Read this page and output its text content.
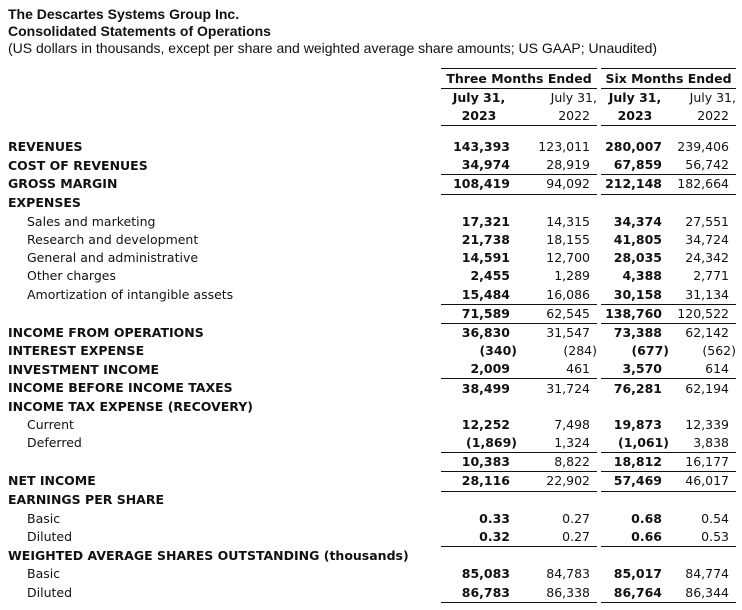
The Descartes Systems Group Inc.
Consolidated Statements of Operations
(US dollars in thousands, except per share and weighted average share amounts; US GAAP; Unaudited)
	Three Months Ended			Six Months Ended	
	July 31,	July 31,		July 31,	July 31,
	2023	2022		2023	2022

REVENUES	143,393	123,011		280,007	239,406
COST OF REVENUES	34,974	28,919		67,859	56,742
GROSS MARGIN	108,419	94,092		212,148	182,664
EXPENSES					
Sales and marketing	17,321	14,315		34,374	27,551
Research and development	21,738	18,155		41,805	34,724
General and administrative	14,591	12,700		28,035	24,342
Other charges	2,455	1,289		4,388	2,771
Amortization of intangible assets	15,484	16,086		30,158	31,134
	71,589	62,545		138,760	120,522
INCOME FROM OPERATIONS	36,830	31,547		73,388	62,142
INTEREST EXPENSE	(340)	(284)		(677)	(562)
INVESTMENT INCOME	2,009	461		3,570	614
INCOME BEFORE INCOME TAXES	38,499	31,724		76,281	62,194
INCOME TAX EXPENSE (RECOVERY)					
Current	12,252	7,498		19,873	12,339
Deferred	(1,869)	1,324		(1,061)	3,838
	10,383	8,822		18,812	16,177
NET INCOME	28,116	22,902		57,469	46,017
EARNINGS PER SHARE					
Basic	0.33	0.27		0.68	0.54
Diluted	0.32	0.27		0.66	0.53
WEIGHTED AVERAGE SHARES OUTSTANDING (thousands)					
Basic	85,083	84,783		85,017	84,774
Diluted	86,783	86,338		86,764	86,344
